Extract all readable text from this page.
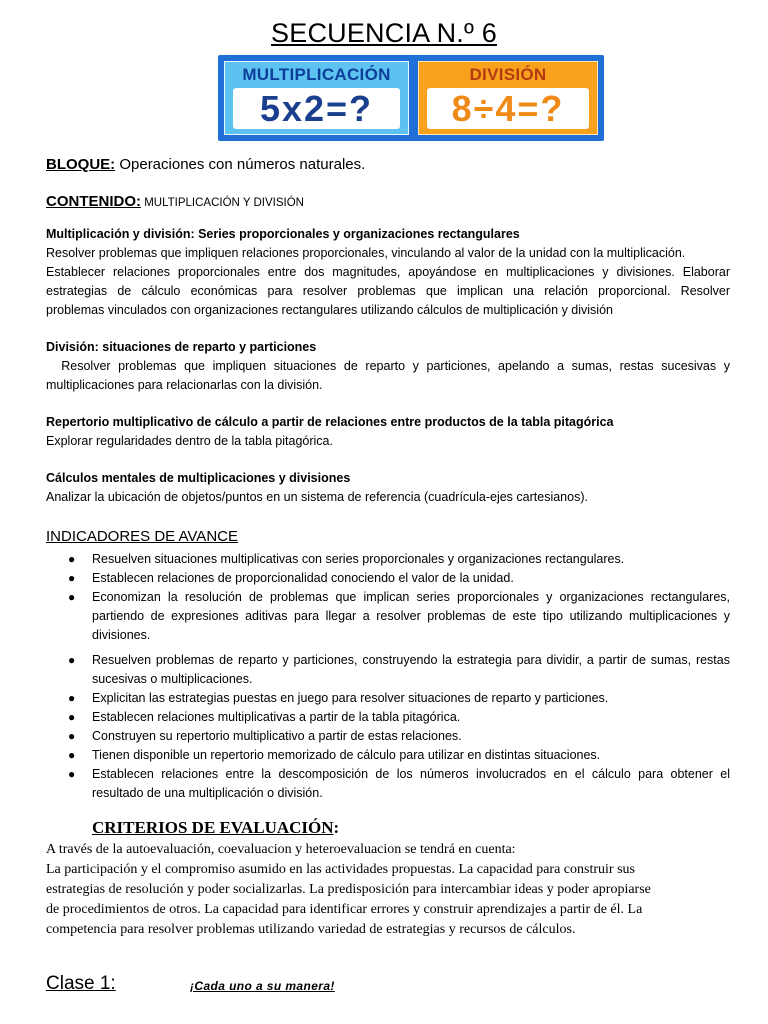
SECUENCIA N.º 6
MULTIPLICACIÓN
5x2=?
DIVISIÓN
8÷4=?
BLOQUE: Operaciones con números naturales.
CONTENIDO: MULTIPLICACIÓN Y DIVISIÓN
Multiplicación y división: Series proporcionales y organizaciones rectangulares
Resolver problemas que impliquen relaciones proporcionales, vinculando al valor de la unidad con la multiplicación.
Establecer relaciones proporcionales entre dos magnitudes, apoyándose en multiplicaciones y divisiones. Elaborar
estrategias de cálculo económicas para resolver problemas que implican una relación proporcional. Resolver
problemas vinculados con organizaciones rectangulares utilizando cálculos de multiplicación y división
División: situaciones de reparto y particiones
Resolver problemas que impliquen situaciones de reparto y particiones, apelando a sumas, restas sucesivas y
multiplicaciones para relacionarlas con la división.
Repertorio multiplicativo de cálculo a partir de relaciones entre productos de la tabla pitagórica
Explorar regularidades dentro de la tabla pitagórica.
Cálculos mentales de multiplicaciones y divisiones
Analizar la ubicación de objetos/puntos en un sistema de referencia (cuadrícula-ejes cartesianos).
INDICADORES DE AVANCE
● Resuelven situaciones multiplicativas con series proporcionales y organizaciones rectangulares.
● Establecen relaciones de proporcionalidad conociendo el valor de la unidad.
● Economizan la resolución de problemas que implican series proporcionales y organizaciones rectangulares, partiendo de expresiones aditivas para llegar a resolver problemas de este tipo utilizando multiplicaciones y divisiones.
● Resuelven problemas de reparto y particiones, construyendo la estrategia para dividir, a partir de sumas, restas sucesivas o multiplicaciones.
● Explicitan las estrategias puestas en juego para resolver situaciones de reparto y particiones.
● Establecen relaciones multiplicativas a partir de la tabla pitagórica.
● Construyen su repertorio multiplicativo a partir de estas relaciones.
● Tienen disponible un repertorio memorizado de cálculo para utilizar en distintas situaciones.
● Establecen relaciones entre la descomposición de los números involucrados en el cálculo para obtener el resultado de una multiplicación o división.
CRITERIOS DE EVALUACIÓN:
A través de la autoevaluación, coevaluacion y heteroevaluacion se tendrá en cuenta:
La participación y el compromiso asumido en las actividades propuestas. La capacidad para construir sus
estrategias de resolución y poder socializarlas. La predisposición para intercambiar ideas y poder apropiarse
de procedimientos de otros. La capacidad para identificar errores y construir aprendizajes a partir de él. La
competencia para resolver problemas utilizando variedad de estrategias y recursos de cálculos.
Clase 1:	¡Cada uno a su manera!
